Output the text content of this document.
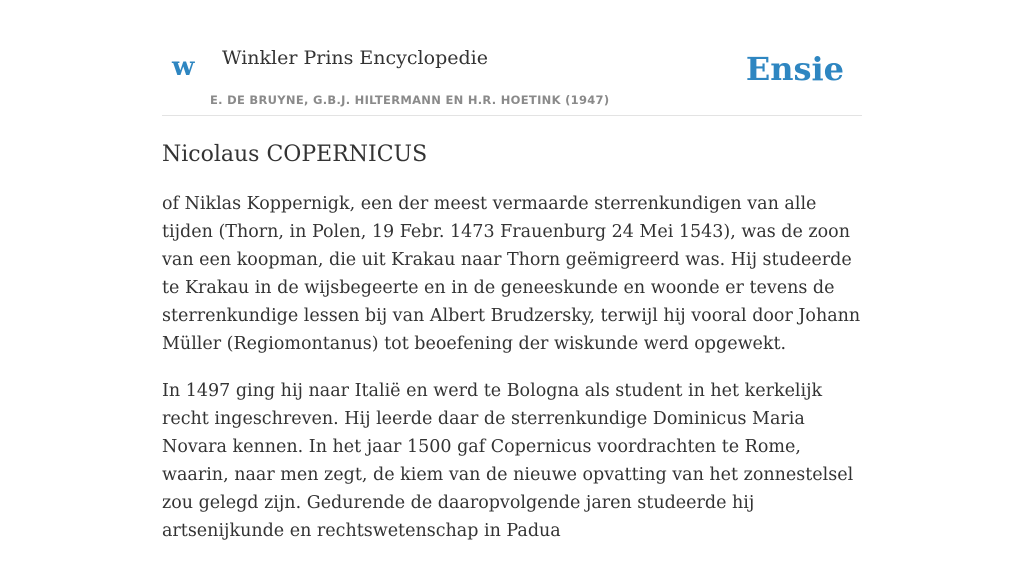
w Winkler Prins Encyclopedie
E. DE BRUYNE, G.B.J. HILTERMANN EN H.R. HOETINK (1947)
Ensie
Nicolaus COPERNICUS

of Niklas Koppernigk, een der meest vermaarde sterrenkundigen van alle tijden (Thorn, in Polen, 19 Febr. 1473 Frauenburg 24 Mei 1543), was de zoon van een koopman, die uit Krakau naar Thorn geëmigreerd was. Hij studeerde te Krakau in de wijsbegeerte en in de geneeskunde en woonde er tevens de sterrenkundige lessen bij van Albert Brudzersky, terwijl hij vooral door Johann Müller (Regiomontanus) tot beoefening der wiskunde werd opgewekt.

In 1497 ging hij naar Italië en werd te Bologna als student in het kerkelijk recht ingeschreven. Hij leerde daar de sterrenkundige Dominicus Maria Novara kennen. In het jaar 1500 gaf Copernicus voordrachten te Rome, waarin, naar men zegt, de kiem van de nieuwe opvatting van het zonnestelsel zou gelegd zijn. Gedurende de daaropvolgende jaren studeerde hij artsenijkunde en rechtswetenschap in Padua
